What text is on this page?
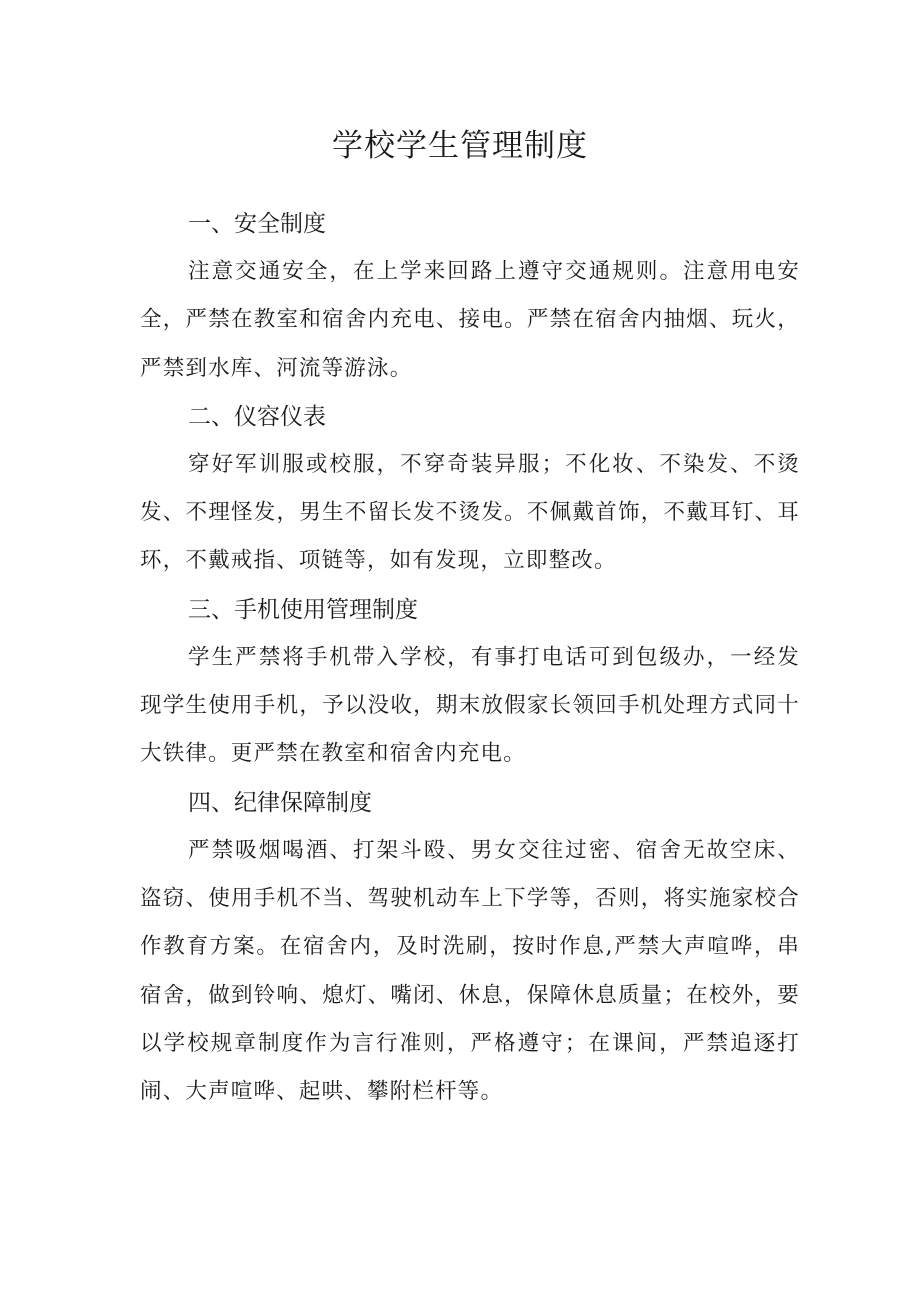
学校学生管理制度
一、安全制度

注意交通安全，在上学来回路上遵守交通规则。注意用电安全，严禁在教室和宿舍内充电、接电。严禁在宿舍内抽烟、玩火，严禁到水库、河流等游泳。

二、仪容仪表

穿好军训服或校服，不穿奇装异服；不化妆、不染发、不烫发、不理怪发，男生不留长发不烫发。不佩戴首饰，不戴耳钉、耳环，不戴戒指、项链等，如有发现，立即整改。

三、手机使用管理制度

学生严禁将手机带入学校，有事打电话可到包级办，一经发现学生使用手机，予以没收，期末放假家长领回手机处理方式同十大铁律。更严禁在教室和宿舍内充电。

四、纪律保障制度

严禁吸烟喝酒、打架斗殴、男女交往过密、宿舍无故空床、盗窃、使用手机不当、驾驶机动车上下学等，否则，将实施家校合作教育方案。在宿舍内，及时洗刷，按时作息,严禁大声喧哗，串宿舍，做到铃响、熄灯、嘴闭、休息，保障休息质量；在校外，要以学校规章制度作为言行准则，严格遵守；在课间，严禁追逐打闹、大声喧哗、起哄、攀附栏杆等。
